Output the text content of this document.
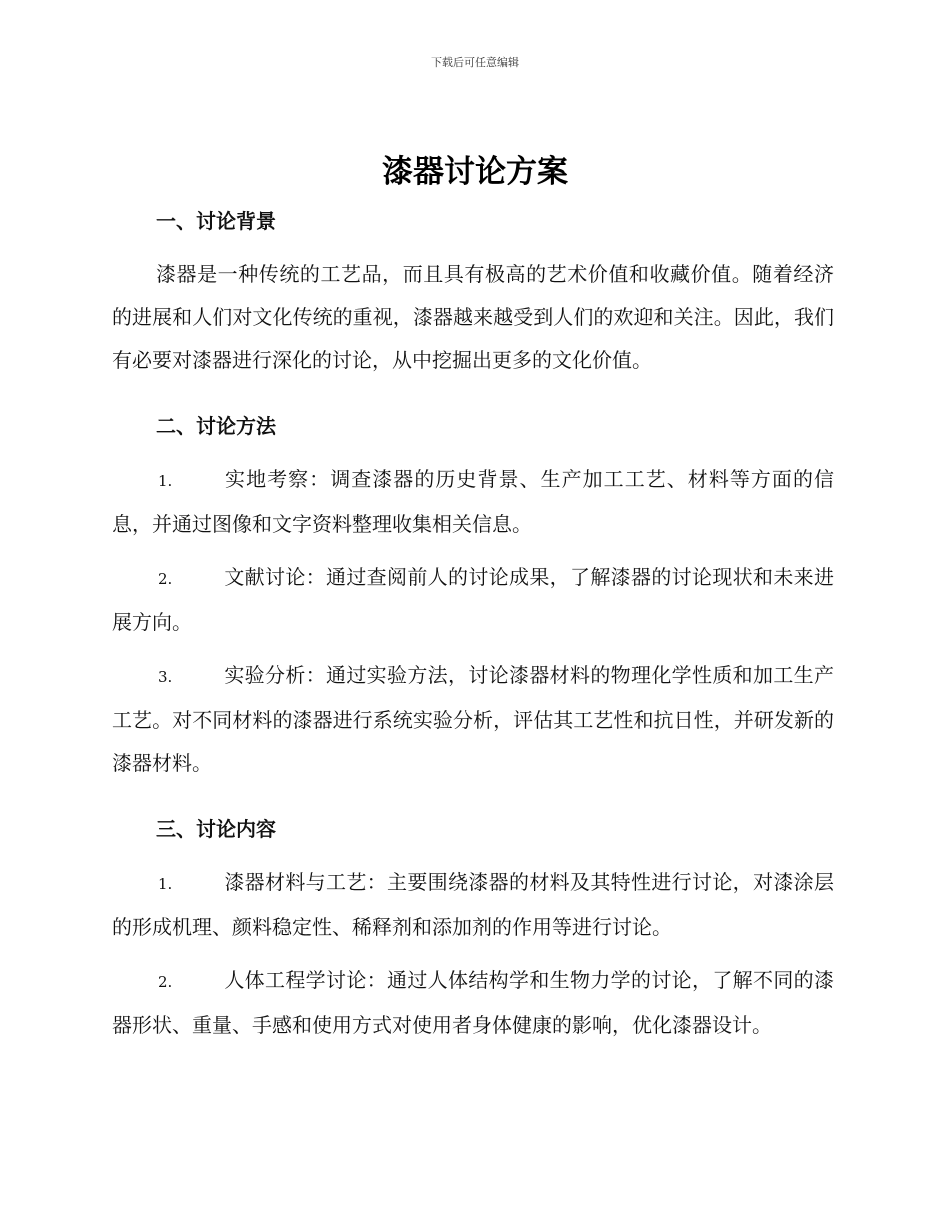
下载后可任意编辑
漆器讨论方案
一、讨论背景

漆器是一种传统的工艺品，而且具有极高的艺术价值和收藏价值。随着经济的进展和人们对文化传统的重视，漆器越来越受到人们的欢迎和关注。因此，我们有必要对漆器进行深化的讨论，从中挖掘出更多的文化价值。

二、讨论方法

1.	实地考察：调查漆器的历史背景、生产加工工艺、材料等方面的信息，并通过图像和文字资料整理收集相关信息。

2.	文献讨论：通过查阅前人的讨论成果，了解漆器的讨论现状和未来进展方向。

3.	实验分析：通过实验方法，讨论漆器材料的物理化学性质和加工生产工艺。对不同材料的漆器进行系统实验分析，评估其工艺性和抗日性，并研发新的漆器材料。

三、讨论内容

1.	漆器材料与工艺：主要围绕漆器的材料及其特性进行讨论，对漆涂层的形成机理、颜料稳定性、稀释剂和添加剂的作用等进行讨论。

2.	人体工程学讨论：通过人体结构学和生物力学的讨论，了解不同的漆器形状、重量、手感和使用方式对使用者身体健康的影响，优化漆器设计。
